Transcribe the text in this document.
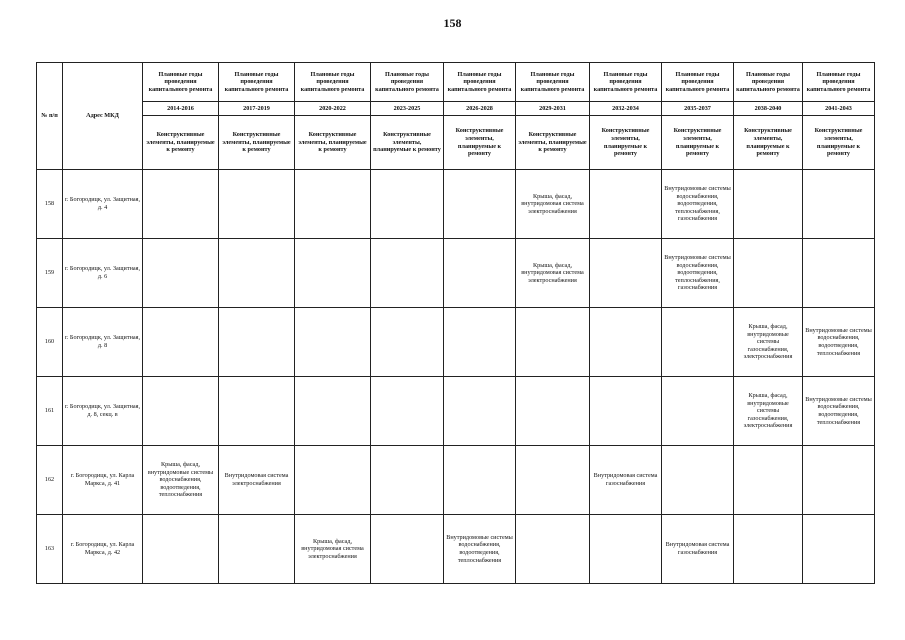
158
№ п/п	Адрес МКД	Плановые годы проведения капитального ремонта	Плановые годы проведения капитального ремонта	Плановые годы проведения капитального ремонта	Плановые годы проведения капитального ремонта	Плановые годы проведения капитального ремонта	Плановые годы проведения капитального ремонта	Плановые годы проведения капитального ремонта	Плановые годы проведения капитального ремонта	Плановые годы проведения капитального ремонта	Плановые годы проведения капитального ремонта
		2014-2016	2017-2019	2020-2022	2023-2025	2026-2028	2029-2031	2032-2034	2035-2037	2038-2040	2041-2043
		Конструктивные элементы, планируемые к ремонту	Конструктивные элементы, планируемые к ремонту	Конструктивные элементы, планируемые к ремонту	Конструктивные элементы, планируемые к ремонту	Конструктивные элементы, планируемые к ремонту	Конструктивные элементы, планируемые к ремонту	Конструктивные элементы, планируемые к ремонту	Конструктивные элементы, планируемые к ремонту	Конструктивные элементы, планируемые к ремонту	Конструктивные элементы, планируемые к ремонту
158	г. Богородицк, ул. Защитная, д. 4						Крыша, фасад, внутридомовая система электроснабжения		Внутридомовые системы водоснабжения, водоотведения, теплоснабжения, газоснабжения		
159	г. Богородицк, ул. Защитная, д. 6						Крыша, фасад, внутридомовая система электроснабжения		Внутридомовые системы водоснабжения, водоотведения, теплоснабжения, газоснабжения		
160	г. Богородицк, ул. Защитная, д. 8									Крыша, фасад, внутридомовые системы газоснабжения, электроснабжения	Внутридомовые системы водоснабжения, водоотведения, теплоснабжения
161	г. Богородицк, ул. Защитная, д. 8, секц. в									Крыша, фасад, внутридомовые системы газоснабжения, электроснабжения	Внутридомовые системы водоснабжения, водоотведения, теплоснабжения
162	г. Богородицк, ул. Карла Маркса, д. 41	Крыша, фасад, внутридомовые системы водоснабжения, водоотведения, теплоснабжения	Внутридомовая система электроснабжения					Внутридомовая система газоснабжения			
163	г. Богородицк, ул. Карла Маркса, д. 42			Крыша, фасад, внутридомовая система электроснабжения		Внутридомовые системы водоснабжения, водоотведения, теплоснабжения			Внутридомовая система газоснабжения		
